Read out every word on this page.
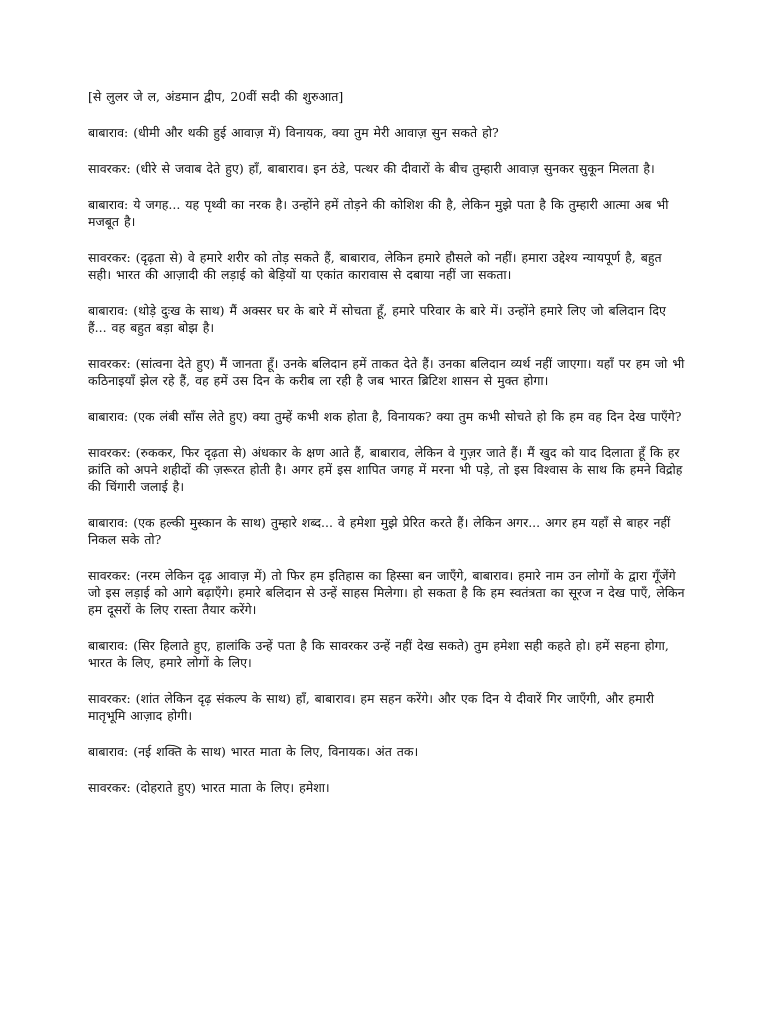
[से लुलर जे ल, अंडमान द्वीप, 20वीं सदी की शुरुआत]

बाबाराव: (धीमी और थकी हुई आवाज़ में) विनायक, क्या तुम मेरी आवाज़ सुन सकते हो?

सावरकर: (धीरे से जवाब देते हुए) हाँ, बाबाराव। इन ठंडे, पत्थर की दीवारों के बीच तुम्हारी आवाज़ सुनकर सुकून मिलता है।

बाबाराव: ये जगह... यह पृथ्वी का नरक है। उन्होंने हमें तोड़ने की कोशिश की है, लेकिन मुझे पता है कि तुम्हारी आत्मा अब भी मजबूत है।

सावरकर: (दृढ़ता से) वे हमारे शरीर को तोड़ सकते हैं, बाबाराव, लेकिन हमारे हौसले को नहीं। हमारा उद्देश्य न्यायपूर्ण है, बहुत सही। भारत की आज़ादी की लड़ाई को बेड़ियों या एकांत कारावास से दबाया नहीं जा सकता।

बाबाराव: (थोड़े दुःख के साथ) मैं अक्सर घर के बारे में सोचता हूँ, हमारे परिवार के बारे में। उन्होंने हमारे लिए जो बलिदान दिए हैं... वह बहुत बड़ा बोझ है।

सावरकर: (सांत्वना देते हुए) मैं जानता हूँ। उनके बलिदान हमें ताकत देते हैं। उनका बलिदान व्यर्थ नहीं जाएगा। यहाँ पर हम जो भी कठिनाइयाँ झेल रहे हैं, वह हमें उस दिन के करीब ला रही है जब भारत ब्रिटिश शासन से मुक्त होगा।

बाबाराव: (एक लंबी साँस लेते हुए) क्या तुम्हें कभी शक होता है, विनायक? क्या तुम कभी सोचते हो कि हम वह दिन देख पाएँगे?

सावरकर: (रुककर, फिर दृढ़ता से) अंधकार के क्षण आते हैं, बाबाराव, लेकिन वे गुज़र जाते हैं। मैं खुद को याद दिलाता हूँ कि हर क्रांति को अपने शहीदों की ज़रूरत होती है। अगर हमें इस शापित जगह में मरना भी पड़े, तो इस विश्वास के साथ कि हमने विद्रोह की चिंगारी जलाई है।

बाबाराव: (एक हल्की मुस्कान के साथ) तुम्हारे शब्द... वे हमेशा मुझे प्रेरित करते हैं। लेकिन अगर... अगर हम यहाँ से बाहर नहीं निकल सके तो?

सावरकर: (नरम लेकिन दृढ़ आवाज़ में) तो फिर हम इतिहास का हिस्सा बन जाएँगे, बाबाराव। हमारे नाम उन लोगों के द्वारा गूँजेंगे जो इस लड़ाई को आगे बढ़ाएँगे। हमारे बलिदान से उन्हें साहस मिलेगा। हो सकता है कि हम स्वतंत्रता का सूरज न देख पाएँ, लेकिन हम दूसरों के लिए रास्ता तैयार करेंगे।

बाबाराव: (सिर हिलाते हुए, हालांकि उन्हें पता है कि सावरकर उन्हें नहीं देख सकते) तुम हमेशा सही कहते हो। हमें सहना होगा, भारत के लिए, हमारे लोगों के लिए।

सावरकर: (शांत लेकिन दृढ़ संकल्प के साथ) हाँ, बाबाराव। हम सहन करेंगे। और एक दिन ये दीवारें गिर जाएँगी, और हमारी मातृभूमि आज़ाद होगी।

बाबाराव: (नई शक्ति के साथ) भारत माता के लिए, विनायक। अंत तक।

सावरकर: (दोहराते हुए) भारत माता के लिए। हमेशा।
